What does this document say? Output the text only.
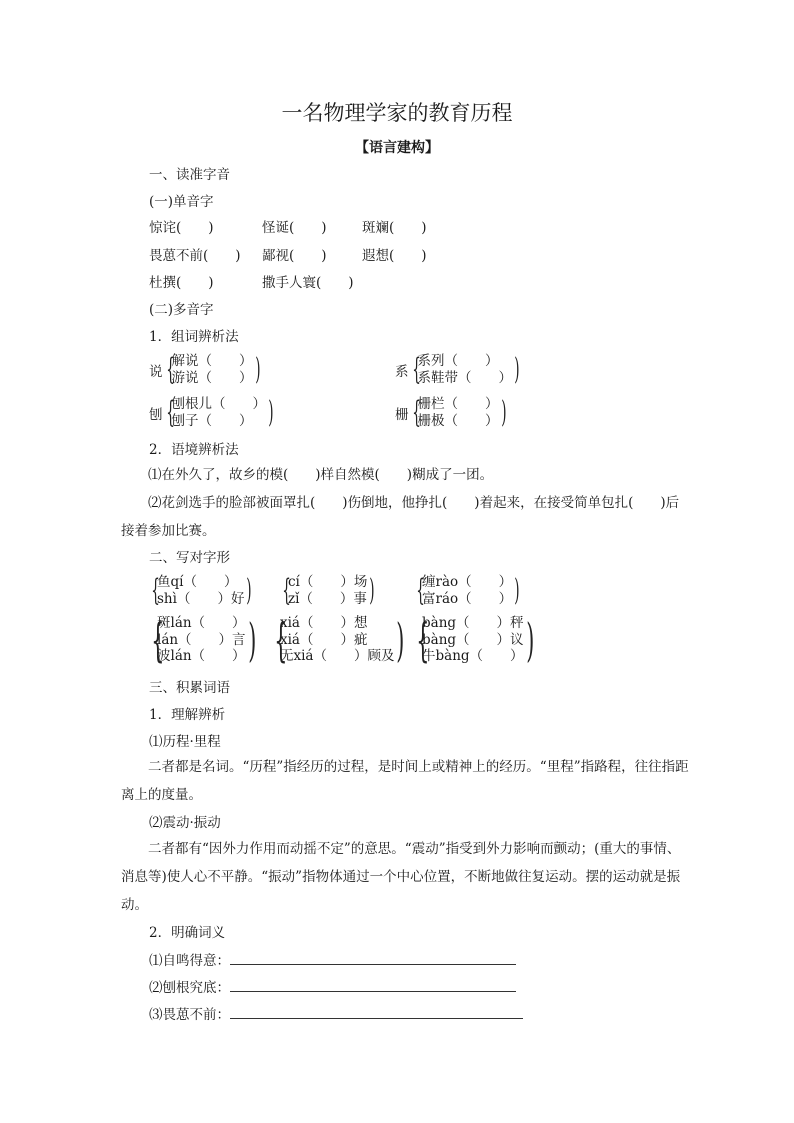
一名物理学家的教育历程
【语言建构】
一、读准字音
(一)单音字
惊诧(　　)	怪诞(　　)	斑斓(　　)
畏葸不前(　　) 鄙视(　　)	遐想(　　)
杜撰(　　)	撒手人寰(　　)
(二)多音字
1．组词辨析法
说 {
解说（　　）
游说（　　） )	系 {
系列（　　）
系鞋带（　　） )
刨 {
刨根儿（　　）
刨子（　　） )	栅 {
栅栏（　　）
栅极（　　） )
2．语境辨析法
⑴在外久了，故乡的模(　　)样自然模(　　)糊成了一团。
⑵花剑选手的脸部被面罩扎(　　)伤倒地，他挣扎(　　)着起来，在接受简单包扎(　　)后接着参加比赛。
二、写对字形
{
鱼qí（　　）
shì（　　）好 ) {
cí（　　）场
zǐ（　　）事 ) {
缠rào（　　）
富ráo（　　） )
{
斑lán（　　）
lán（　　）言
波lán（　　） ) {
xiá（　　）想
xiá（　　）疵
无xiá（　　）顾及 ) {
bàng（　　）秤
bàng（　　）议
牛bàng（　　） )
三、积累词语
1．理解辨析
⑴历程·里程
二者都是名词。“历程”指经历的过程，是时间上或精神上的经历。“里程”指路程，往往指距离上的度量。
⑵震动·振动
二者都有“因外力作用而动摇不定”的意思。“震动”指受到外力影响而颤动；(重大的事情、消息等)使人心不平静。“振动”指物体通过一个中心位置，不断地做往复运动。摆的运动就是振动。
2．明确词义
⑴自鸣得意：
⑵刨根究底：
⑶畏葸不前：
